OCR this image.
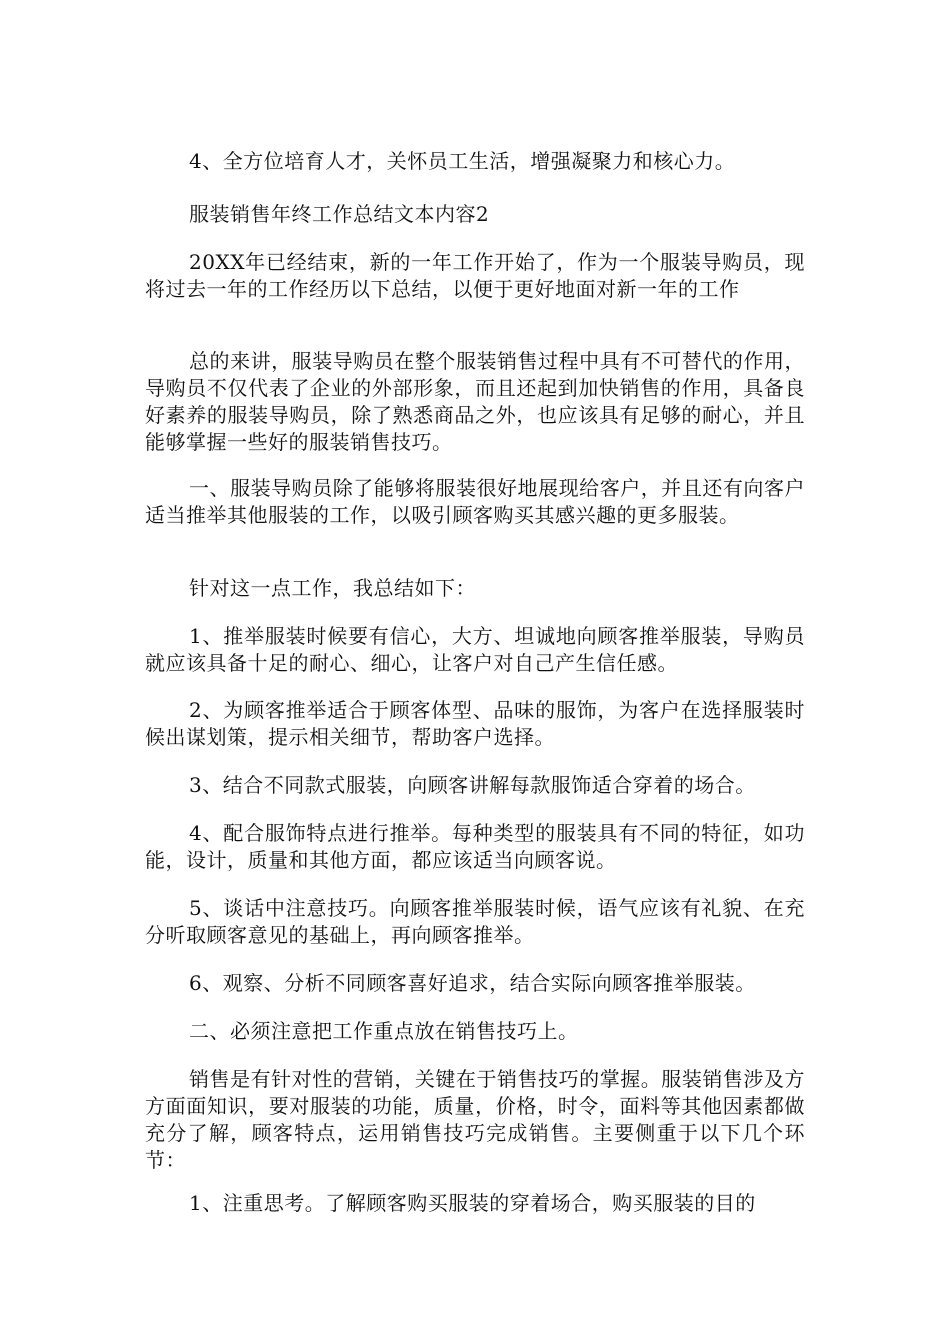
4、全方位培育人才，关怀员工生活，增强凝聚力和核心力。

服装销售年终工作总结文本内容2

20XX年已经结束，新的一年工作开始了，作为一个服装导购员，现将过去一年的工作经历以下总结，以便于更好地面对新一年的工作

总的来讲，服装导购员在整个服装销售过程中具有不可替代的作用，导购员不仅代表了企业的外部形象，而且还起到加快销售的作用，具备良好素养的服装导购员，除了熟悉商品之外，也应该具有足够的耐心，并且能够掌握一些好的服装销售技巧。

一、服装导购员除了能够将服装很好地展现给客户，并且还有向客户适当推举其他服装的工作，以吸引顾客购买其感兴趣的更多服装。

针对这一点工作，我总结如下：

1、推举服装时候要有信心，大方、坦诚地向顾客推举服装，导购员就应该具备十足的耐心、细心，让客户对自己产生信任感。

2、为顾客推举适合于顾客体型、品味的服饰，为客户在选择服装时候出谋划策，提示相关细节，帮助客户选择。

3、结合不同款式服装，向顾客讲解每款服饰适合穿着的场合。

4、配合服饰特点进行推举。每种类型的服装具有不同的特征，如功能，设计，质量和其他方面，都应该适当向顾客说。

5、谈话中注意技巧。向顾客推举服装时候，语气应该有礼貌、在充分听取顾客意见的基础上，再向顾客推举。

6、观察、分析不同顾客喜好追求，结合实际向顾客推举服装。

二、必须注意把工作重点放在销售技巧上。

销售是有针对性的营销，关键在于销售技巧的掌握。服装销售涉及方方面面知识，要对服装的功能，质量，价格，时令，面料等其他因素都做充分了解，顾客特点，运用销售技巧完成销售。主要侧重于以下几个环节：

1、注重思考。了解顾客购买服装的穿着场合，购买服装的目的
